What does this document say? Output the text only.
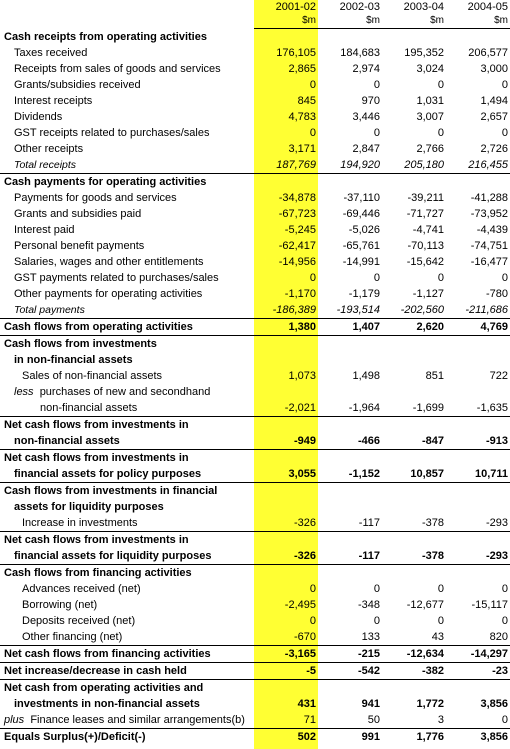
	2001-02	2002-03	2003-04	2004-05
	$m	$m	$m	$m
Cash receipts from operating activities				
Taxes received	176,105	184,683	195,352	206,577
Receipts from sales of goods and services	2,865	2,974	3,024	3,000
Grants/subsidies received	0	0	0	0
Interest receipts	845	970	1,031	1,494
Dividends	4,783	3,446	3,007	2,657
GST receipts related to purchases/sales	0	0	0	0
Other receipts	3,171	2,847	2,766	2,726
Total receipts	187,769	194,920	205,180	216,455
Cash payments for operating activities				
Payments for goods and services	-34,878	-37,110	-39,211	-41,288
Grants and subsidies paid	-67,723	-69,446	-71,727	-73,952
Interest paid	-5,245	-5,026	-4,741	-4,439
Personal benefit payments	-62,417	-65,761	-70,113	-74,751
Salaries, wages and other entitlements	-14,956	-14,991	-15,642	-16,477
GST payments related to purchases/sales	0	0	0	0
Other payments for operating activities	-1,170	-1,179	-1,127	-780
Total payments	-186,389	-193,514	-202,560	-211,686
Cash flows from operating activities	1,380	1,407	2,620	4,769
Cash flows from investments				
in non-financial assets				
Sales of non-financial assets	1,073	1,498	851	722
less purchases of new and secondhand				
non-financial assets	-2,021	-1,964	-1,699	-1,635
Net cash flows from investments in				
non-financial assets	-949	-466	-847	-913
Net cash flows from investments in				
financial assets for policy purposes	3,055	-1,152	10,857	10,711
Cash flows from investments in financial				
assets for liquidity purposes				
Increase in investments	-326	-117	-378	-293
Net cash flows from investments in				
financial assets for liquidity purposes	-326	-117	-378	-293
Cash flows from financing activities				
Advances received (net)	0	0	0	0
Borrowing (net)	-2,495	-348	-12,677	-15,117
Deposits received (net)	0	0	0	0
Other financing (net)	-670	133	43	820
Net cash flows from financing activities	-3,165	-215	-12,634	-14,297
Net increase/decrease in cash held	-5	-542	-382	-23
Net cash from operating activities and				
investments in non-financial assets	431	941	1,772	3,856
plus Finance leases and similar arrangements(b)	71	50	3	0
Equals Surplus(+)/Deficit(-)	502	991	1,776	3,856
